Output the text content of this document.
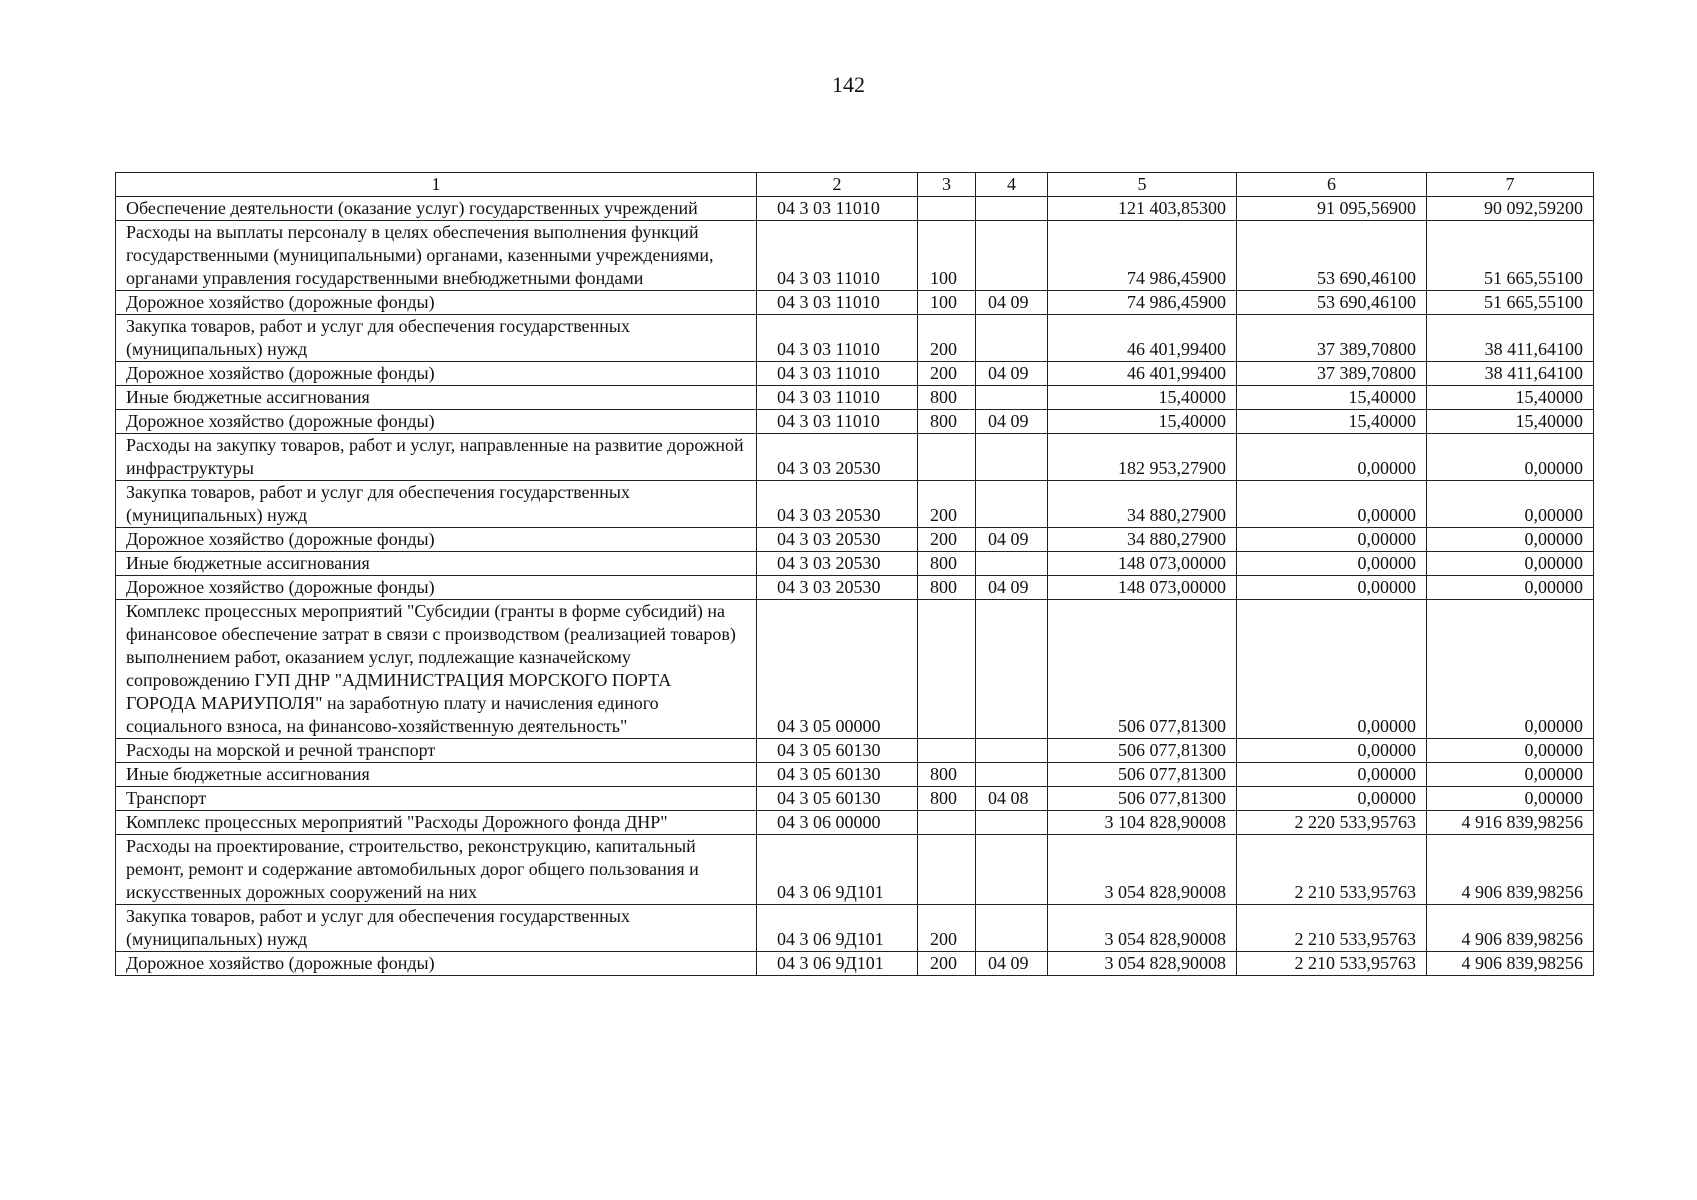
142
1	2	3	4	5	6	7
Обеспечение деятельности (оказание услуг) государственных учреждений	04 3 03 11010			121 403,85300	91 095,56900	90 092,59200
Расходы на выплаты персоналу в целях обеспечения выполнения функций государственными (муниципальными) органами, казенными учреждениями, органами управления государственными внебюджетными фондами	04 3 03 11010	100		74 986,45900	53 690,46100	51 665,55100
Дорожное хозяйство (дорожные фонды)	04 3 03 11010	100	04 09	74 986,45900	53 690,46100	51 665,55100
Закупка товаров, работ и услуг для обеспечения государственных (муниципальных) нужд	04 3 03 11010	200		46 401,99400	37 389,70800	38 411,64100
Дорожное хозяйство (дорожные фонды)	04 3 03 11010	200	04 09	46 401,99400	37 389,70800	38 411,64100
Иные бюджетные ассигнования	04 3 03 11010	800		15,40000	15,40000	15,40000
Дорожное хозяйство (дорожные фонды)	04 3 03 11010	800	04 09	15,40000	15,40000	15,40000
Расходы на закупку товаров, работ и услуг, направленные на развитие дорожной инфраструктуры	04 3 03 20530			182 953,27900	0,00000	0,00000
Закупка товаров, работ и услуг для обеспечения государственных (муниципальных) нужд	04 3 03 20530	200		34 880,27900	0,00000	0,00000
Дорожное хозяйство (дорожные фонды)	04 3 03 20530	200	04 09	34 880,27900	0,00000	0,00000
Иные бюджетные ассигнования	04 3 03 20530	800		148 073,00000	0,00000	0,00000
Дорожное хозяйство (дорожные фонды)	04 3 03 20530	800	04 09	148 073,00000	0,00000	0,00000
Комплекс процессных мероприятий "Субсидии (гранты в форме субсидий) на финансовое обеспечение затрат в связи с производством (реализацией товаров) выполнением работ, оказанием услуг, подлежащие казначейскому сопровождению ГУП ДНР "АДМИНИСТРАЦИЯ МОРСКОГО ПОРТА ГОРОДА МАРИУПОЛЯ" на заработную плату и начисления единого социального взноса, на финансово-хозяйственную деятельность"	04 3 05 00000			506 077,81300	0,00000	0,00000
Расходы на морской и речной транспорт	04 3 05 60130			506 077,81300	0,00000	0,00000
Иные бюджетные ассигнования	04 3 05 60130	800		506 077,81300	0,00000	0,00000
Транспорт	04 3 05 60130	800	04 08	506 077,81300	0,00000	0,00000
Комплекс процессных мероприятий "Расходы Дорожного фонда ДНР"	04 3 06 00000			3 104 828,90008	2 220 533,95763	4 916 839,98256
Расходы на проектирование, строительство, реконструкцию, капитальный ремонт, ремонт и содержание автомобильных дорог общего пользования и искусственных дорожных сооружений на них	04 3 06 9Д101			3 054 828,90008	2 210 533,95763	4 906 839,98256
Закупка товаров, работ и услуг для обеспечения государственных (муниципальных) нужд	04 3 06 9Д101	200		3 054 828,90008	2 210 533,95763	4 906 839,98256
Дорожное хозяйство (дорожные фонды)	04 3 06 9Д101	200	04 09	3 054 828,90008	2 210 533,95763	4 906 839,98256
